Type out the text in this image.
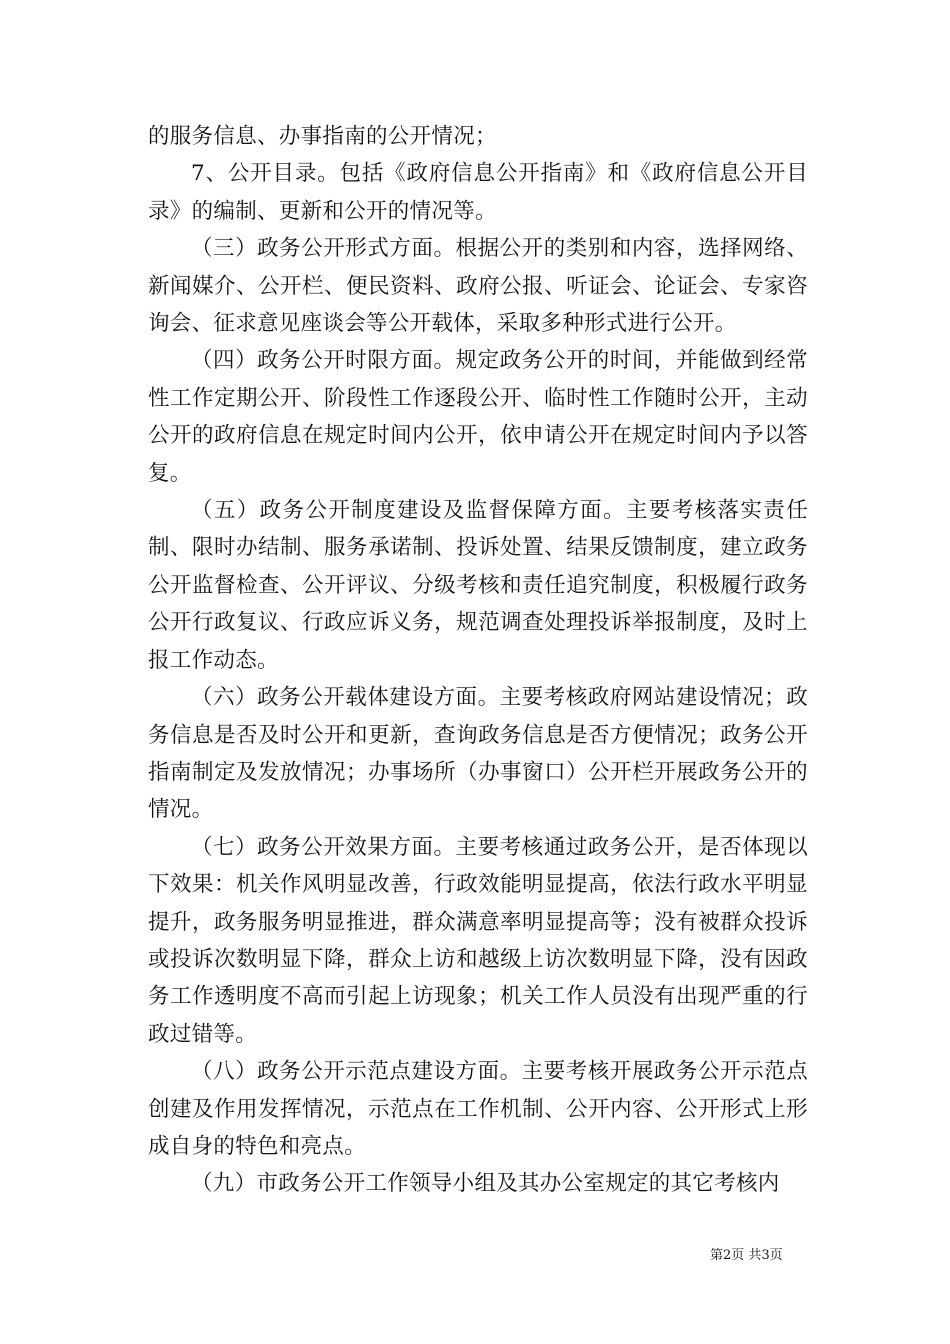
的服务信息、办事指南的公开情况；

7、公开目录。包括《政府信息公开指南》和《政府信息公开目录》的编制、更新和公开的情况等。

（三）政务公开形式方面。根据公开的类别和内容，选择网络、新闻媒介、公开栏、便民资料、政府公报、听证会、论证会、专家咨询会、征求意见座谈会等公开载体，采取多种形式进行公开。

（四）政务公开时限方面。规定政务公开的时间，并能做到经常性工作定期公开、阶段性工作逐段公开、临时性工作随时公开，主动公开的政府信息在规定时间内公开，依申请公开在规定时间内予以答复。

（五）政务公开制度建设及监督保障方面。主要考核落实责任制、限时办结制、服务承诺制、投诉处置、结果反馈制度，建立政务公开监督检查、公开评议、分级考核和责任追究制度，积极履行政务公开行政复议、行政应诉义务，规范调查处理投诉举报制度，及时上报工作动态。

（六）政务公开载体建设方面。主要考核政府网站建设情况；政务信息是否及时公开和更新，查询政务信息是否方便情况；政务公开指南制定及发放情况；办事场所（办事窗口）公开栏开展政务公开的情况。

（七）政务公开效果方面。主要考核通过政务公开，是否体现以下效果：机关作风明显改善，行政效能明显提高，依法行政水平明显提升，政务服务明显推进，群众满意率明显提高等；没有被群众投诉或投诉次数明显下降，群众上访和越级上访次数明显下降，没有因政务工作透明度不高而引起上访现象；机关工作人员没有出现严重的行政过错等。

（八）政务公开示范点建设方面。主要考核开展政务公开示范点创建及作用发挥情况，示范点在工作机制、公开内容、公开形式上形成自身的特色和亮点。

（九）市政务公开工作领导小组及其办公室规定的其它考核内

第2页 共3页
